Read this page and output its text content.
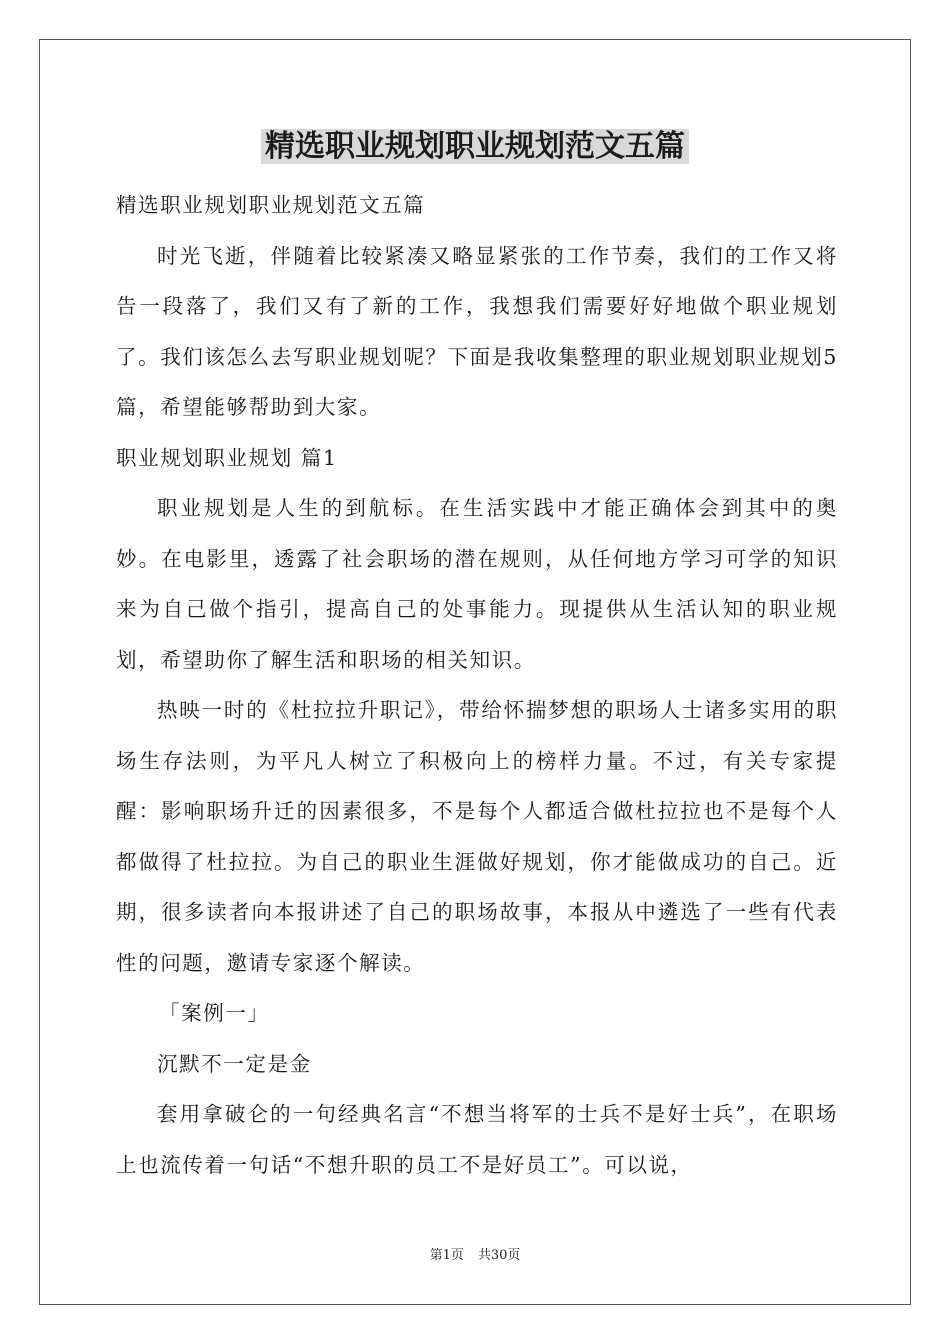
精选职业规划职业规划范文五篇

精选职业规划职业规划范文五篇

时光飞逝，伴随着比较紧凑又略显紧张的工作节奏，我们的工作又将告一段落了，我们又有了新的工作，我想我们需要好好地做个职业规划了。我们该怎么去写职业规划呢？下面是我收集整理的职业规划职业规划5篇，希望能够帮助到大家。

职业规划职业规划 篇1

职业规划是人生的到航标。在生活实践中才能正确体会到其中的奥妙。在电影里，透露了社会职场的潜在规则，从任何地方学习可学的知识来为自己做个指引，提高自己的处事能力。现提供从生活认知的职业规划，希望助你了解生活和职场的相关知识。

热映一时的《杜拉拉升职记》，带给怀揣梦想的职场人士诸多实用的职场生存法则，为平凡人树立了积极向上的榜样力量。不过，有关专家提醒：影响职场升迁的因素很多，不是每个人都适合做杜拉拉也不是每个人都做得了杜拉拉。为自己的职业生涯做好规划，你才能做成功的自己。近期，很多读者向本报讲述了自己的职场故事，本报从中遴选了一些有代表性的问题，邀请专家逐个解读。

「案例一」

沉默不一定是金

套用拿破仑的一句经典名言“不想当将军的士兵不是好士兵”，在职场上也流传着一句话“不想升职的员工不是好员工”。可以说，

第1页 共30页
